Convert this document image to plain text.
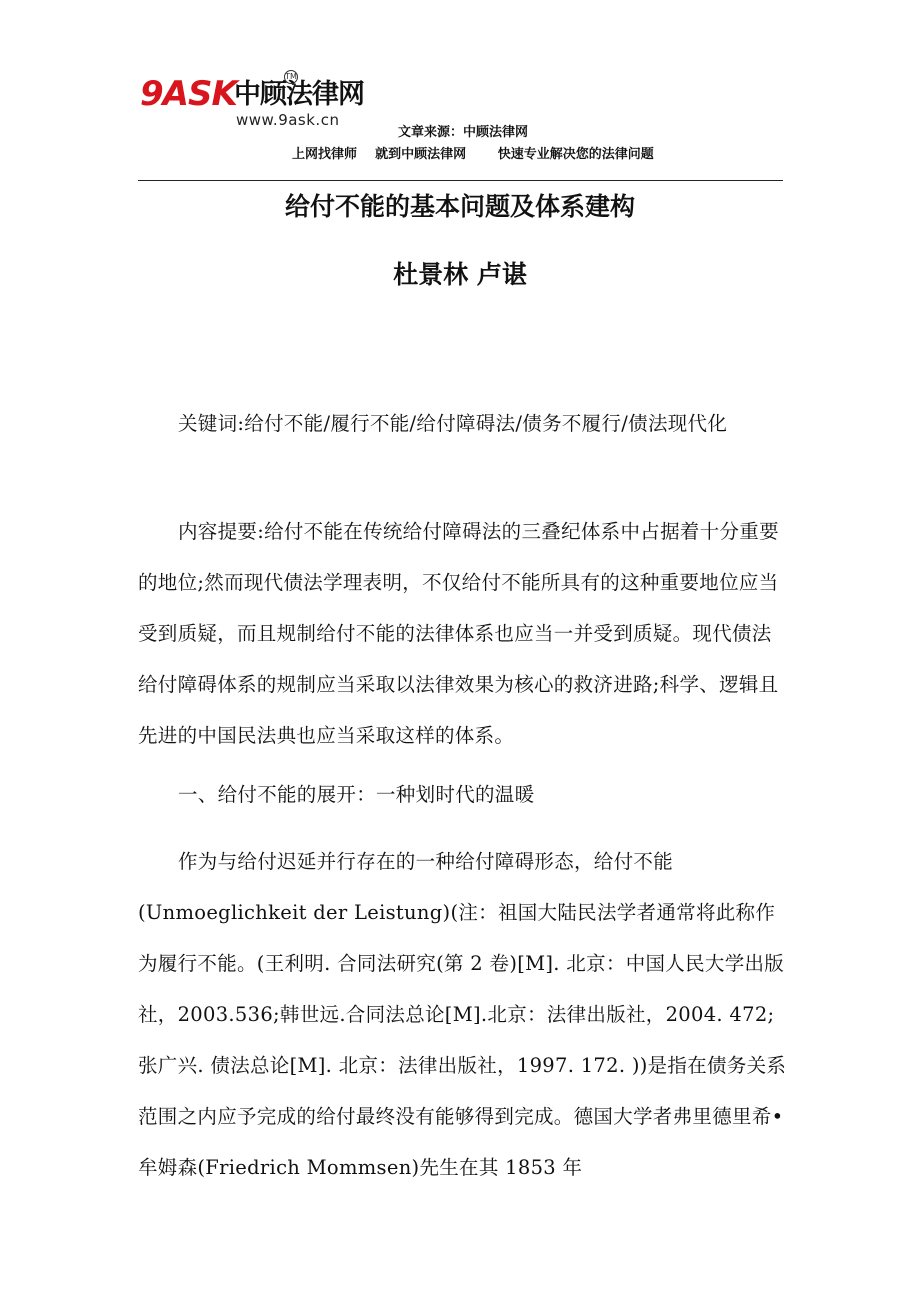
9ASK
中顾法律网
TM
www.9ask.cn
文章来源：中顾法律网
上网找律师    就到中顾法律网       快速专业解决您的法律问题
给付不能的基本问题及体系建构
杜景林 卢谌

关键词:给付不能/履行不能/给付障碍法/债务不履行/债法现代化

内容提要:给付不能在传统给付障碍法的三叠纪体系中占据着十分重要的地位;然而现代债法学理表明，不仅给付不能所具有的这种重要地位应当受到质疑，而且规制给付不能的法律体系也应当一并受到质疑。现代债法给付障碍体系的规制应当采取以法律效果为核心的救济进路;科学、逻辑且先进的中国民法典也应当采取这样的体系。

一、给付不能的展开：一种划时代的温暖

作为与给付迟延并行存在的一种给付障碍形态，给付不能(Unmoeglichkeit der Leistung)(注：祖国大陆民法学者通常将此称作为履行不能。(王利明. 合同法研究(第 2 卷)[M]. 北京：中国人民大学出版社，2003.536;韩世远.合同法总论[M].北京：法律出版社，2004. 472;张广兴. 债法总论[M]. 北京：法律出版社，1997. 172. ))是指在债务关系范围之内应予完成的给付最终没有能够得到完成。德国大学者弗里德里希•牟姆森(Friedrich Mommsen)先生在其 1853 年
